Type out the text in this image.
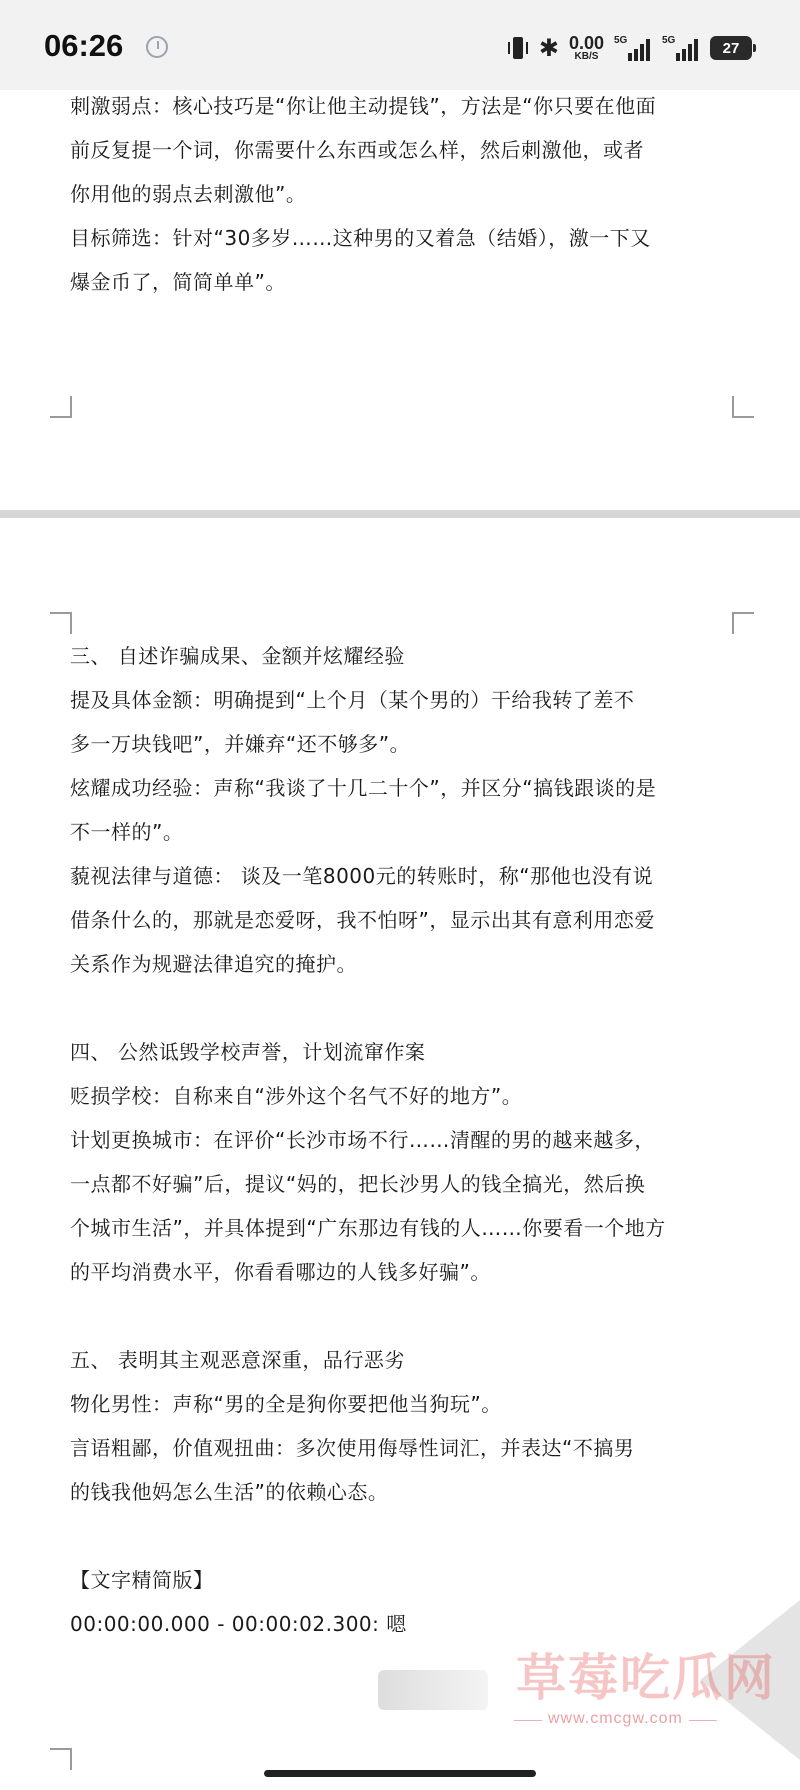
06:26	✱ 0.00
KB/S
5G	5G	27
刺激弱点：核心技巧是“你让他主动提钱”，方法是“你只要在他面
前反复提一个词，你需要什么东西或怎么样，然后刺激他，或者
你用他的弱点去刺激他”。
目标筛选：针对“30多岁……这种男的又着急（结婚），激一下又
爆金币了，简简单单”。
三、 自述诈骗成果、金额并炫耀经验
提及具体金额：明确提到“上个月（某个男的）干给我转了差不
多一万块钱吧”，并嫌弃“还不够多”。
炫耀成功经验：声称“我谈了十几二十个”，并区分“搞钱跟谈的是
不一样的”。
藐视法律与道德： 谈及一笔8000元的转账时，称“那他也没有说
借条什么的，那就是恋爱呀，我不怕呀”，显示出其有意利用恋爱
关系作为规避法律追究的掩护。
四、 公然诋毁学校声誉，计划流窜作案
贬损学校：自称来自“涉外这个名气不好的地方”。
计划更换城市：在评价“长沙市场不行……清醒的男的越来越多，
一点都不好骗”后，提议“妈的，把长沙男人的钱全搞光，然后换
个城市生活”，并具体提到“广东那边有钱的人……你要看一个地方
的平均消费水平，你看看哪边的人钱多好骗”。
五、 表明其主观恶意深重，品行恶劣
物化男性：声称“男的全是狗你要把他当狗玩”。
言语粗鄙，价值观扭曲：多次使用侮辱性词汇，并表达“不搞男
的钱我他妈怎么生活”的依赖心态。
【文字精简版】
00:00:00.000 - 00:00:02.300: 嗯
草莓吃瓜网
www.cmcgw.com
